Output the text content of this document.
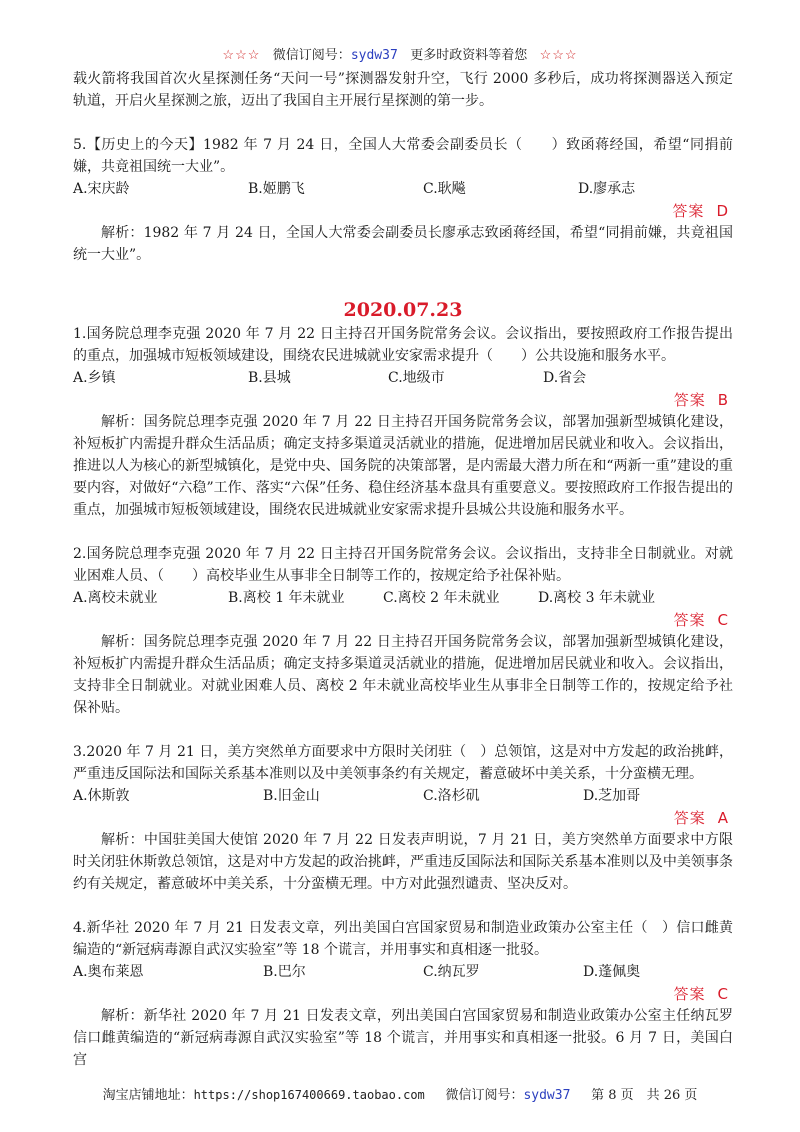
☆☆☆ 微信订阅号：sydw37 更多时政资料等着您 ☆☆☆

载火箭将我国首次火星探测任务“天问一号”探测器发射升空，飞行 2000 多秒后，成功将探测器送入预定轨道，开启火星探测之旅，迈出了我国自主开展行星探测的第一步。

5.【历史上的今天】1982 年 7 月 24 日，全国人大常委会副委员长（　　）致函蒋经国，希望“同捐前嫌，共竟祖国统一大业”。

A.宋庆龄	B.姬鹏飞	C.耿飚	D.廖承志

答案 D

解析：1982 年 7 月 24 日，全国人大常委会副委员长廖承志致函蒋经国，希望“同捐前嫌，共竟祖国统一大业”。

2020.07.23

1.国务院总理李克强 2020 年 7 月 22 日主持召开国务院常务会议。会议指出，要按照政府工作报告提出的重点，加强城市短板领域建设，围绕农民进城就业安家需求提升（　　）公共设施和服务水平。

A.乡镇	B.县城	C.地级市	D.省会

答案 B

解析：国务院总理李克强 2020 年 7 月 22 日主持召开国务院常务会议，部署加强新型城镇化建设，补短板扩内需提升群众生活品质；确定支持多渠道灵活就业的措施，促进增加居民就业和收入。会议指出，推进以人为核心的新型城镇化，是党中央、国务院的决策部署，是内需最大潜力所在和“两新一重”建设的重要内容，对做好“六稳”工作、落实“六保”任务、稳住经济基本盘具有重要意义。要按照政府工作报告提出的重点，加强城市短板领域建设，围绕农民进城就业安家需求提升县城公共设施和服务水平。

2.国务院总理李克强 2020 年 7 月 22 日主持召开国务院常务会议。会议指出，支持非全日制就业。对就业困难人员、（　　）高校毕业生从事非全日制等工作的，按规定给予社保补贴。

A.离校未就业	B.离校 1 年未就业	C.离校 2 年未就业	D.离校 3 年未就业

答案 C

解析：国务院总理李克强 2020 年 7 月 22 日主持召开国务院常务会议，部署加强新型城镇化建设，补短板扩内需提升群众生活品质；确定支持多渠道灵活就业的措施，促进增加居民就业和收入。会议指出，支持非全日制就业。对就业困难人员、离校 2 年未就业高校毕业生从事非全日制等工作的，按规定给予社保补贴。

3.2020 年 7 月 21 日，美方突然单方面要求中方限时关闭驻（　）总领馆，这是对中方发起的政治挑衅，严重违反国际法和国际关系基本准则以及中美领事条约有关规定，蓄意破坏中美关系，十分蛮横无理。

A.休斯敦	B.旧金山	C.洛杉矶	D.芝加哥

答案 A

解析：中国驻美国大使馆 2020 年 7 月 22 日发表声明说，7 月 21 日，美方突然单方面要求中方限时关闭驻休斯敦总领馆，这是对中方发起的政治挑衅，严重违反国际法和国际关系基本准则以及中美领事条约有关规定，蓄意破坏中美关系，十分蛮横无理。中方对此强烈谴责、坚决反对。

4.新华社 2020 年 7 月 21 日发表文章，列出美国白宫国家贸易和制造业政策办公室主任（　）信口雌黄编造的“新冠病毒源自武汉实验室”等 18 个谎言，并用事实和真相逐一批驳。

A.奥布莱恩	B.巴尔	C.纳瓦罗	D.蓬佩奥

答案 C

解析：新华社 2020 年 7 月 21 日发表文章，列出美国白宫国家贸易和制造业政策办公室主任纳瓦罗信口雌黄编造的“新冠病毒源自武汉实验室”等 18 个谎言，并用事实和真相逐一批驳。6 月 7 日，美国白宫

淘宝店铺地址：https://shop167400669.taobao.com 微信订阅号：sydw37 第 8 页　共 26 页
